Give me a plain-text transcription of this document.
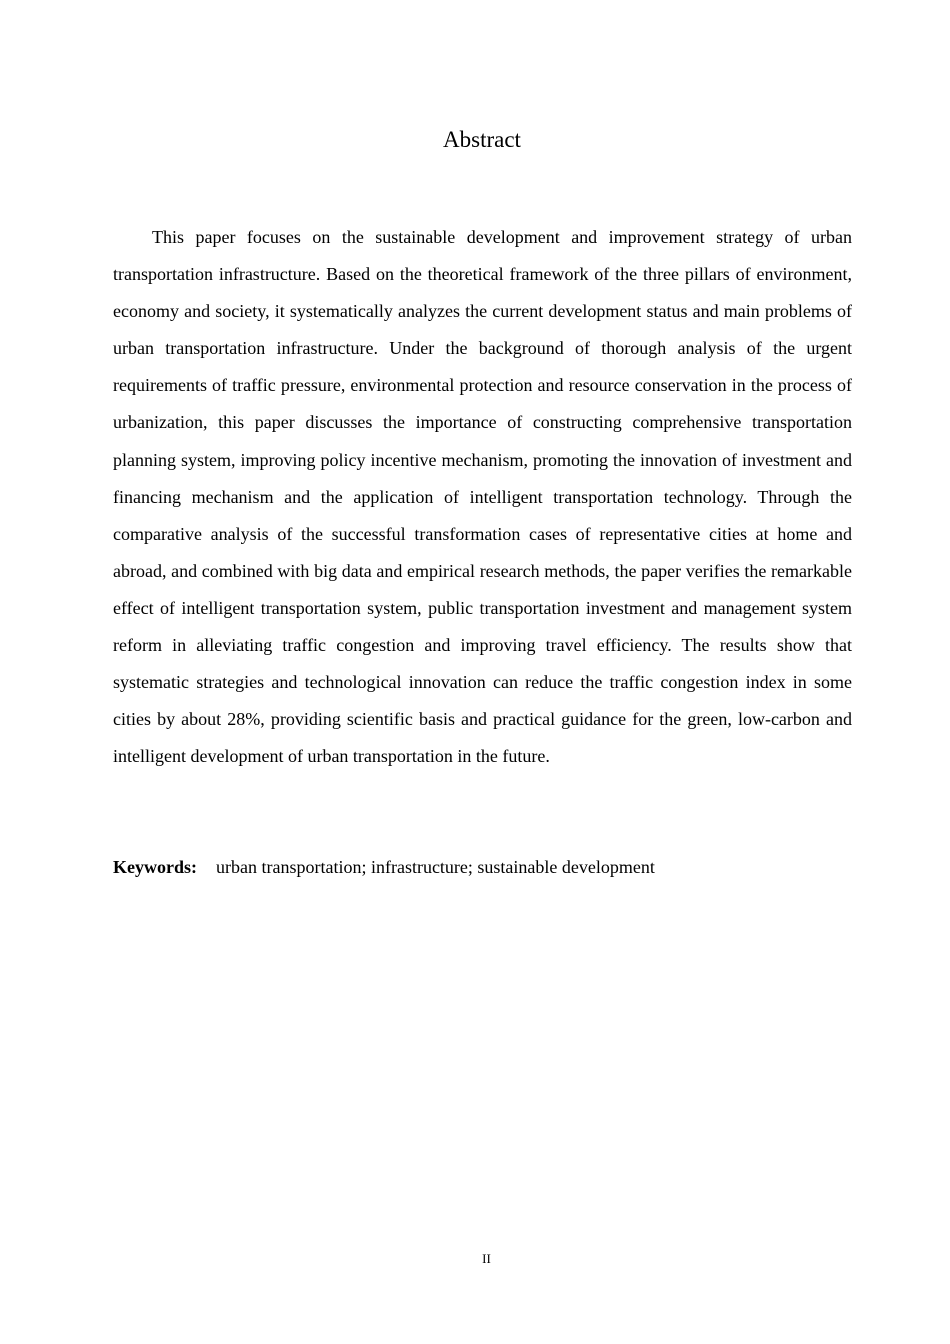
Abstract

This paper focuses on the sustainable development and improvement strategy of urban transportation infrastructure. Based on the theoretical framework of the three pillars of environment, economy and society, it systematically analyzes the current development status and main problems of urban transportation infrastructure. Under the background of thorough analysis of the urgent requirements of traffic pressure, environmental protection and resource conservation in the process of urbanization, this paper discusses the importance of constructing comprehensive transportation planning system, improving policy incentive mechanism, promoting the innovation of investment and financing mechanism and the application of intelligent transportation technology. Through the comparative analysis of the successful transformation cases of representative cities at home and abroad, and combined with big data and empirical research methods, the paper verifies the remarkable effect of intelligent transportation system, public transportation investment and management system reform in alleviating traffic congestion and improving travel efficiency. The results show that systematic strategies and technological innovation can reduce the traffic congestion index in some cities by about 28%, providing scientific basis and practical guidance for the green, low-carbon and intelligent development of urban transportation in the future.

Keywords: urban transportation; infrastructure; sustainable development
II
